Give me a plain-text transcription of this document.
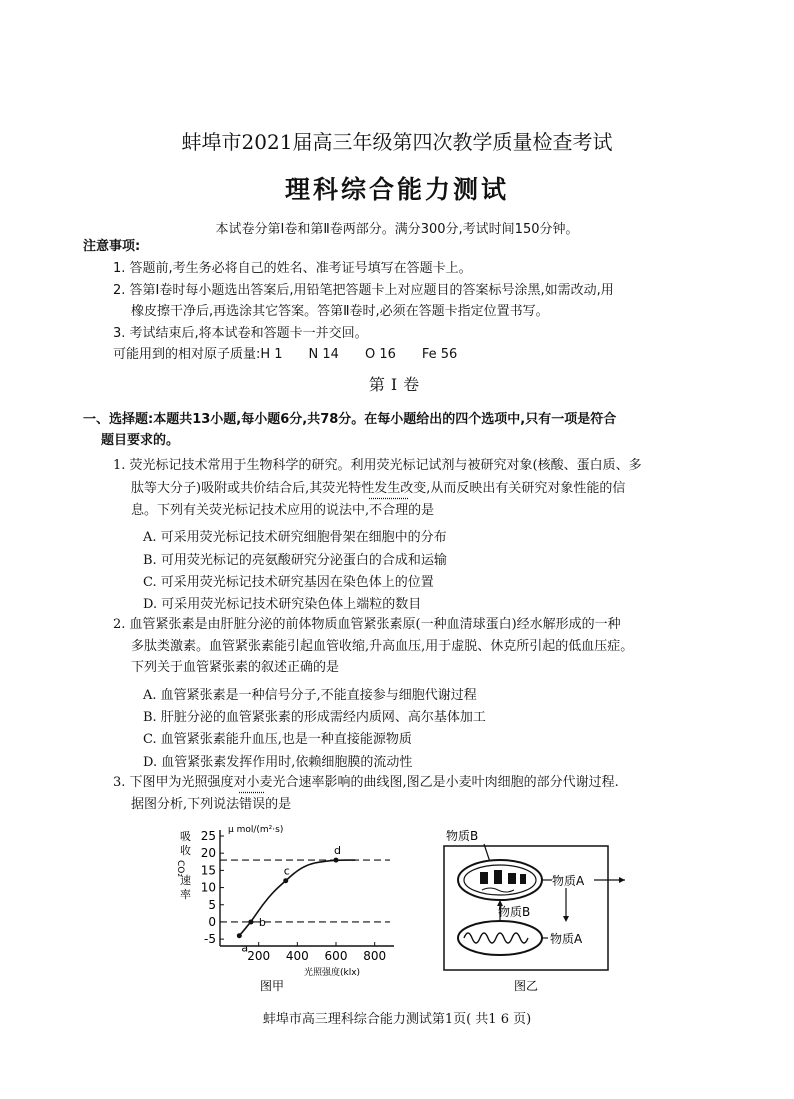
蚌埠市2021届高三年级第四次教学质量检查考试
理科综合能力测试
本试卷分第Ⅰ卷和第Ⅱ卷两部分。满分300分,考试时间150分钟。
注意事项:
1. 答题前,考生务必将自己的姓名、准考证号填写在答题卡上。
2. 答第Ⅰ卷时每小题选出答案后,用铅笔把答题卡上对应题目的答案标号涂黑,如需改动,用
橡皮擦干净后,再选涂其它答案。答第Ⅱ卷时,必须在答题卡指定位置书写。
3. 考试结束后,将本试卷和答题卡一并交回。
可能用到的相对原子质量:H 1　　N 14　　O 16　　Fe 56
第Ⅰ卷
一、选择题:本题共13小题,每小题6分,共78分。在每小题给出的四个选项中,只有一项是符合
题目要求的。
1. 荧光标记技术常用于生物科学的研究。利用荧光标记试剂与被研究对象(核酸、蛋白质、多
肽等大分子)吸附或共价结合后,其荧光特性发生改变,从而反映出有关研究对象性能的信
息。下列有关荧光标记技术应用的说法中,不合理的是
A. 可采用荧光标记技术研究细胞骨架在细胞中的分布
B. 可用荧光标记的亮氨酸研究分泌蛋白的合成和运输
C. 可采用荧光标记技术研究基因在染色体上的位置
D. 可采用荧光标记技术研究染色体上端粒的数目
2. 血管紧张素是由肝脏分泌的前体物质血管紧张素原(一种血清球蛋白)经水解形成的一种
多肽类激素。血管紧张素能引起血管收缩,升高血压,用于虚脱、休克所引起的低血压症。
下列关于血管紧张素的叙述正确的是
A. 血管紧张素是一种信号分子,不能直接参与细胞代谢过程
B. 肝脏分泌的血管紧张素的形成需经内质网、高尔基体加工
C. 血管紧张素能升血压,也是一种直接能源物质
D. 血管紧张素发挥作用时,依赖细胞膜的流动性
3. 下图甲为光照强度对小麦光合速率影响的曲线图,图乙是小麦叶肉细胞的部分代谢过程.
据图分析,下列说法错误的是
吸
收
CO₂
速
率
μ mol/(m²·s)
光照强度(klx)
图甲
-5
0
5
10
15
20
25
200 400 600 800
a
b
c
d
物质B
物质A
物质B
物质A
图乙
蚌埠市高三理科综合能力测试第1页( 共1 6 页)
